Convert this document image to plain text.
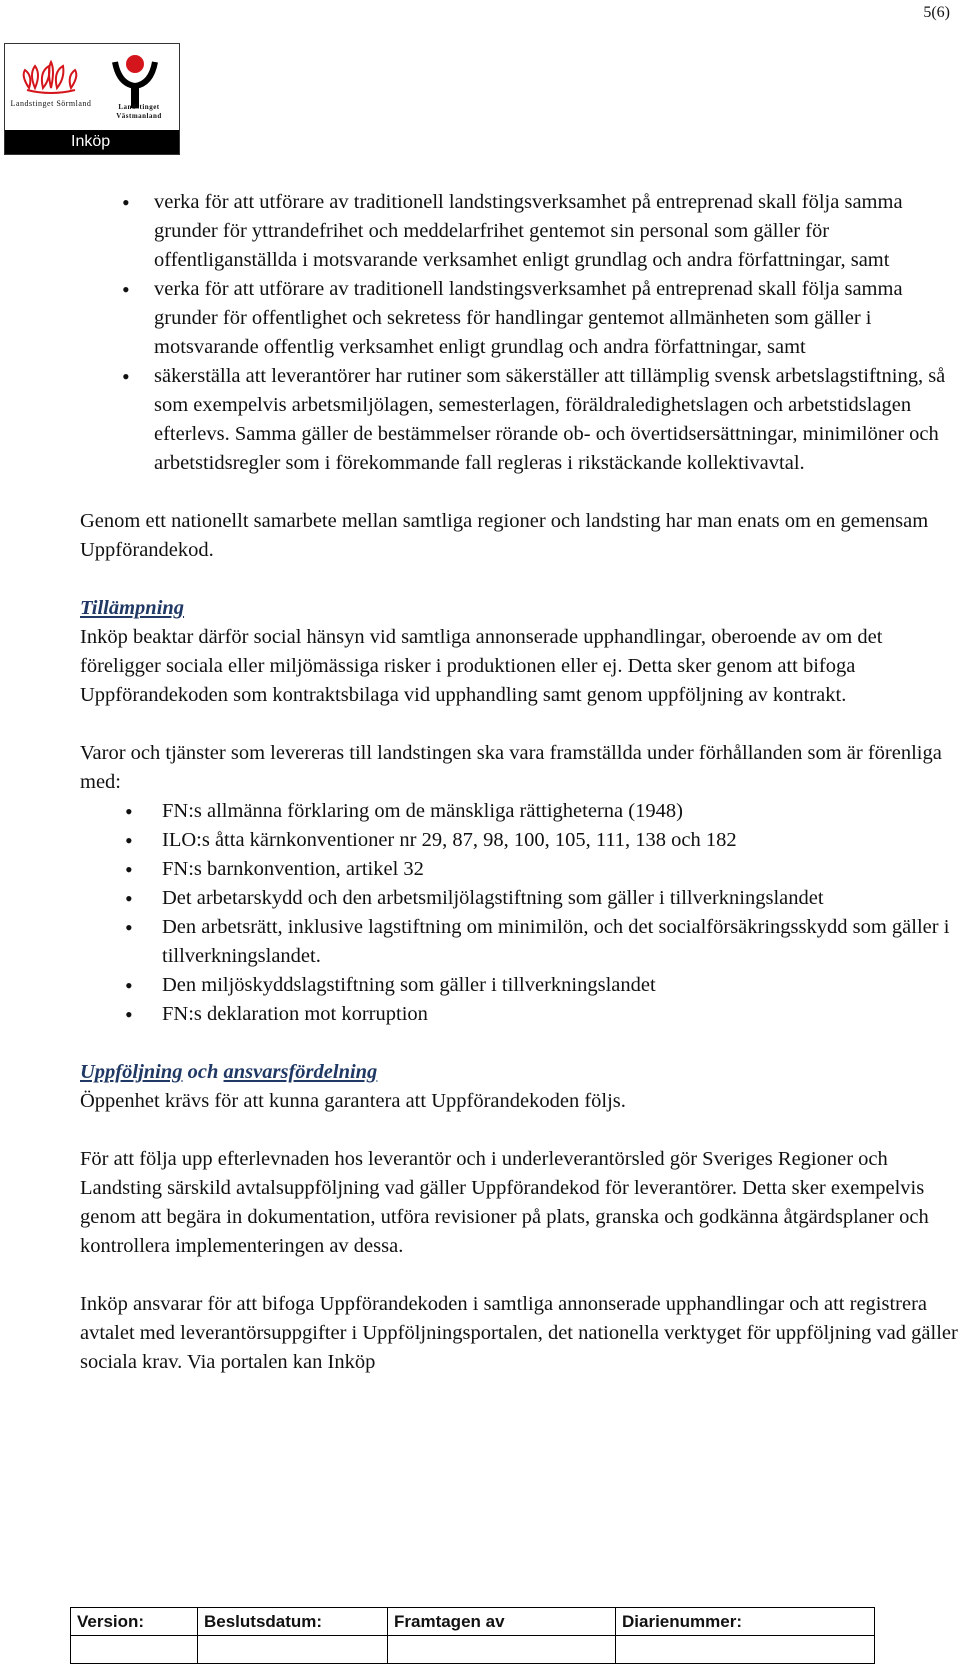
5(6)
Landstinget Sörmland	Landstinget Västmanland
Inköp
• verka för att utförare av traditionell landstingsverksamhet på entreprenad skall följa samma grunder för yttrandefrihet och meddelarfrihet gentemot sin personal som gäller för offentliganställda i motsvarande verksamhet enligt grundlag och andra författningar, samt
• verka för att utförare av traditionell landstingsverksamhet på entreprenad skall följa samma grunder för offentlighet och sekretess för handlingar gentemot allmänheten som gäller i motsvarande offentlig verksamhet enligt grundlag och andra författningar, samt
• säkerställa att leverantörer har rutiner som säkerställer att tillämplig svensk arbetslagstiftning, så som exempelvis arbetsmiljölagen, semesterlagen, föräldraledighetslagen och arbetstidslagen efterlevs. Samma gäller de bestämmelser rörande ob- och övertidsersättningar, minimilöner och arbetstidsregler som i förekommande fall regleras i rikstäckande kollektivavtal.

Genom ett nationellt samarbete mellan samtliga regioner och landsting har man enats om en gemensam Uppförandekod.

Tillämpning

Inköp beaktar därför social hänsyn vid samtliga annonserade upphandlingar, oberoende av om det föreligger sociala eller miljömässiga risker i produktionen eller ej. Detta sker genom att bifoga Uppförandekoden som kontraktsbilaga vid upphandling samt genom uppföljning av kontrakt.

Varor och tjänster som levereras till landstingen ska vara framställda under förhållanden som är förenliga med:

• FN:s allmänna förklaring om de mänskliga rättigheterna (1948)
• ILO:s åtta kärnkonventioner nr 29, 87, 98, 100, 105, 111, 138 och 182
• FN:s barnkonvention, artikel 32
• Det arbetarskydd och den arbetsmiljölagstiftning som gäller i tillverkningslandet
• Den arbetsrätt, inklusive lagstiftning om minimilön, och det socialförsäkringsskydd som gäller i tillverkningslandet.
• Den miljöskyddslagstiftning som gäller i tillverkningslandet
• FN:s deklaration mot korruption

Uppföljning och ansvarsfördelning

Öppenhet krävs för att kunna garantera att Uppförandekoden följs.

För att följa upp efterlevnaden hos leverantör och i underleverantörsled gör Sveriges Regioner och Landsting särskild avtalsuppföljning vad gäller Uppförandekod för leverantörer. Detta sker exempelvis genom att begära in dokumentation, utföra revisioner på plats, granska och godkänna åtgärdsplaner och kontrollera implementeringen av dessa.

Inköp ansvarar för att bifoga Uppförandekoden i samtliga annonserade upphandlingar och att registrera avtalet med leverantörsuppgifter i Uppföljningsportalen, det nationella verktyget för uppföljning vad gäller sociala krav. Via portalen kan Inköp

Version:	Beslutsdatum:	Framtagen av	Diarienummer:
